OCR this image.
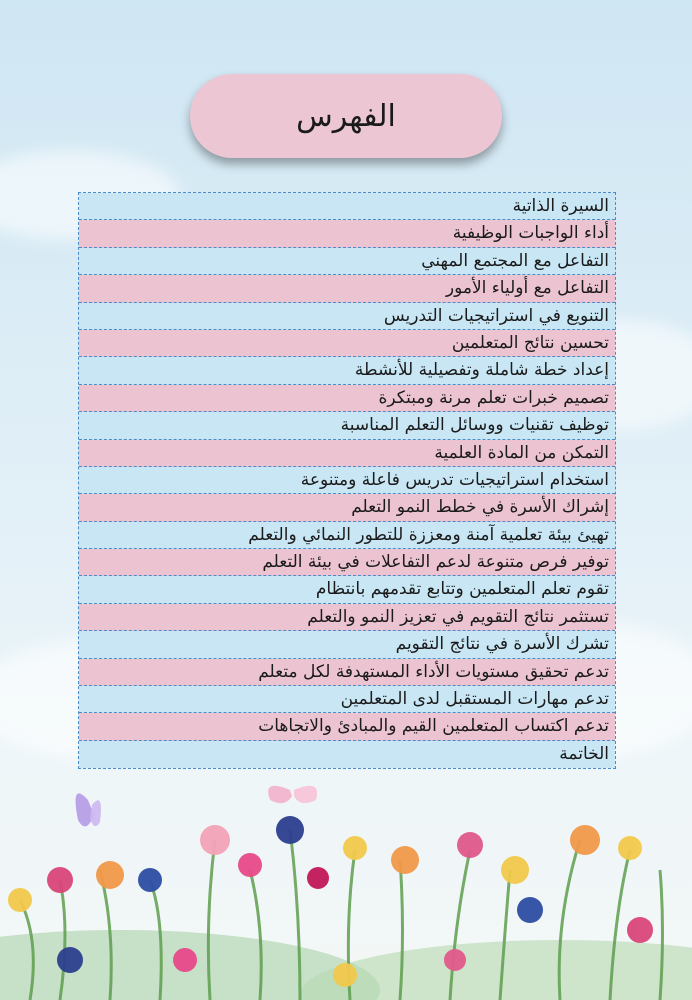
الفهرس
السيرة الذاتية
أداء الواجبات الوظيفية
التفاعل مع المجتمع المهني
التفاعل مع أولياء الأمور
التنويع في استراتيجيات التدريس
تحسين نتائج المتعلمين
إعداد خطة شاملة وتفصيلية للأنشطة
تصميم خبرات تعلم مرنة ومبتكرة
توظيف تقنيات ووسائل التعلم المناسبة
التمكن من المادة العلمية
استخدام استراتيجيات تدريس فاعلة ومتنوعة
إشراك الأسرة في خطط النمو التعلم
تهيئ بيئة تعلمية آمنة ومعززة للتطور النمائي والتعلم
توفير فرص متنوعة لدعم التفاعلات في بيئة التعلم
تقوم تعلم المتعلمين وتتابع تقدمهم بانتظام
تستثمر نتائج التقويم في تعزيز النمو والتعلم
تشرك الأسرة في نتائج التقويم
تدعم تحقيق مستويات الأداء المستهدفة لكل متعلم
تدعم مهارات المستقبل لدى المتعلمين
تدعم اكتساب المتعلمين القيم والمبادئ والاتجاهات
الخاتمة
